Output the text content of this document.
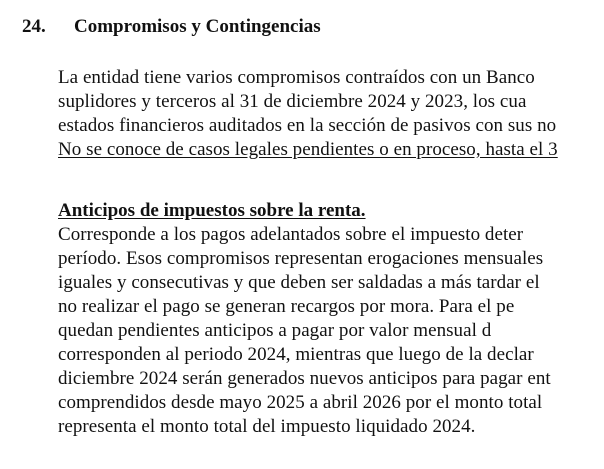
24. Compromisos y Contingencias
La entidad tiene varios compromisos contraídos con un Banco
suplidores y terceros al 31 de diciembre 2024 y 2023, los cua
estados financieros auditados en la sección de pasivos con sus no
No se conoce de casos legales pendientes o en proceso, hasta el 3
Anticipos de impuestos sobre la renta.
Corresponde a los pagos adelantados sobre el impuesto deter
período. Esos compromisos representan erogaciones mensuales
iguales y consecutivas y que deben ser saldadas a más tardar el
no realizar el pago se generan recargos por mora. Para el pe
quedan pendientes anticipos a pagar por valor mensual d
corresponden al periodo 2024, mientras que luego de la declar
diciembre 2024 serán generados nuevos anticipos para pagar ent
comprendidos desde mayo 2025 a abril 2026 por el monto total
representa el monto total del impuesto liquidado 2024.
